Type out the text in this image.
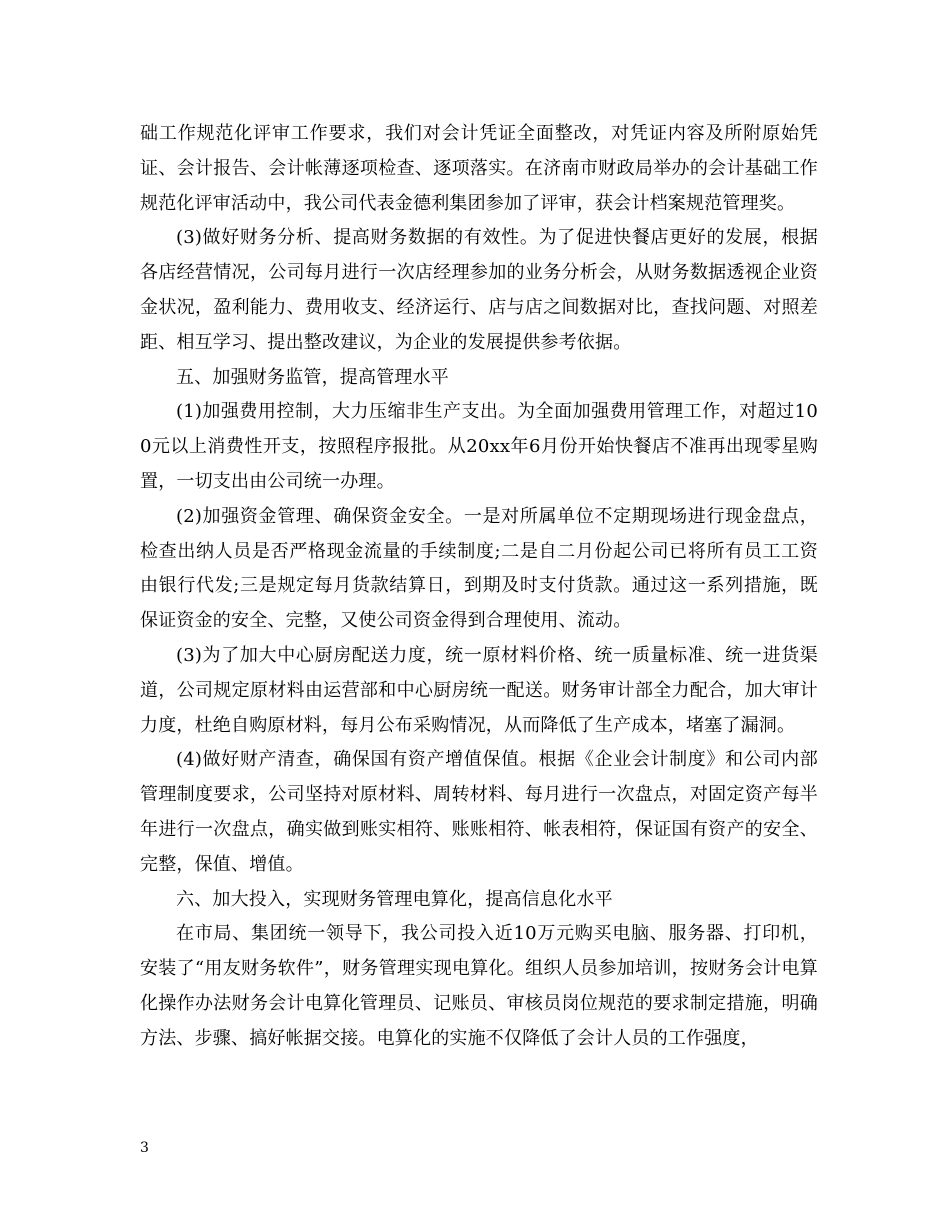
础工作规范化评审工作要求，我们对会计凭证全面整改，对凭证内容及所附原始凭证、会计报告、会计帐薄逐项检查、逐项落实。在济南市财政局举办的会计基础工作规范化评审活动中，我公司代表金德利集团参加了评审，获会计档案规范管理奖。

(3)做好财务分析、提高财务数据的有效性。为了促进快餐店更好的发展，根据各店经营情况，公司每月进行一次店经理参加的业务分析会，从财务数据透视企业资金状况，盈利能力、费用收支、经济运行、店与店之间数据对比，查找问题、对照差距、相互学习、提出整改建议，为企业的发展提供参考依据。

五、加强财务监管，提高管理水平

(1)加强费用控制，大力压缩非生产支出。为全面加强费用管理工作，对超过100元以上消费性开支，按照程序报批。从20xx年6月份开始快餐店不准再出现零星购置，一切支出由公司统一办理。

(2)加强资金管理、确保资金安全。一是对所属单位不定期现场进行现金盘点，检查出纳人员是否严格现金流量的手续制度;二是自二月份起公司已将所有员工工资由银行代发;三是规定每月货款结算日，到期及时支付货款。通过这一系列措施，既保证资金的安全、完整，又使公司资金得到合理使用、流动。

(3)为了加大中心厨房配送力度，统一原材料价格、统一质量标准、统一进货渠道，公司规定原材料由运营部和中心厨房统一配送。财务审计部全力配合，加大审计力度，杜绝自购原材料，每月公布采购情况，从而降低了生产成本，堵塞了漏洞。

(4)做好财产清查，确保国有资产增值保值。根据《企业会计制度》和公司内部管理制度要求，公司坚持对原材料、周转材料、每月进行一次盘点，对固定资产每半年进行一次盘点，确实做到账实相符、账账相符、帐表相符，保证国有资产的安全、完整，保值、增值。

六、加大投入，实现财务管理电算化，提高信息化水平

在市局、集团统一领导下，我公司投入近10万元购买电脑、服务器、打印机，安装了“用友财务软件”，财务管理实现电算化。组织人员参加培训，按财务会计电算化操作办法财务会计电算化管理员、记账员、审核员岗位规范的要求制定措施，明确方法、步骤、搞好帐据交接。电算化的实施不仅降低了会计人员的工作强度，

3
